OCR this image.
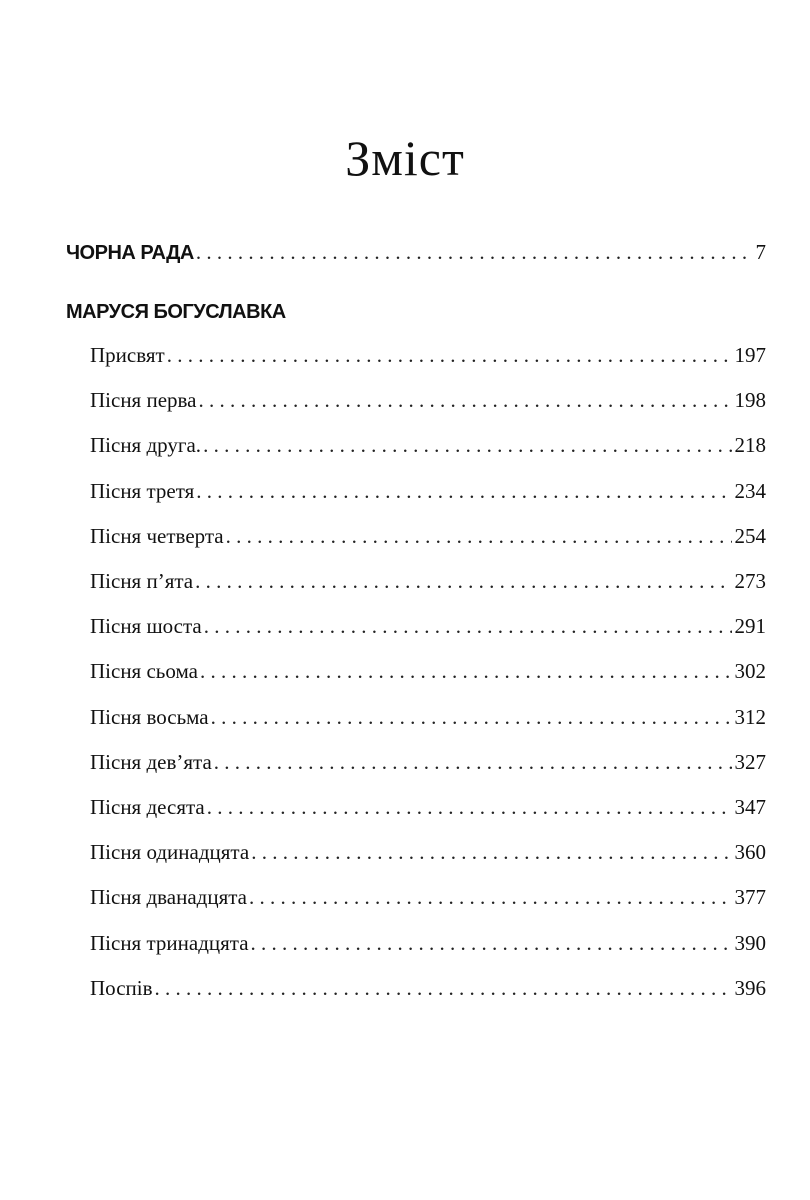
Зміст
ЧОРНА РАДА . . .	7
МАРУСЯ БОГУСЛАВКА
Присвят . . .	197
Пісня перва . . .	198
Пісня друга. . . .	218
Пісня третя . . .	234
Пісня четверта . . .	254
Пісня п’ята . . .	273
Пісня шоста . . .	291
Пісня сьома . . .	302
Пісня восьма . . .	312
Пісня дев’ята . . .	327
Пісня десята . . .	347
Пісня одинадцята . . .	360
Пісня дванадцята . . .	377
Пісня тринадцята . . .	390
Поспів . . .	396
